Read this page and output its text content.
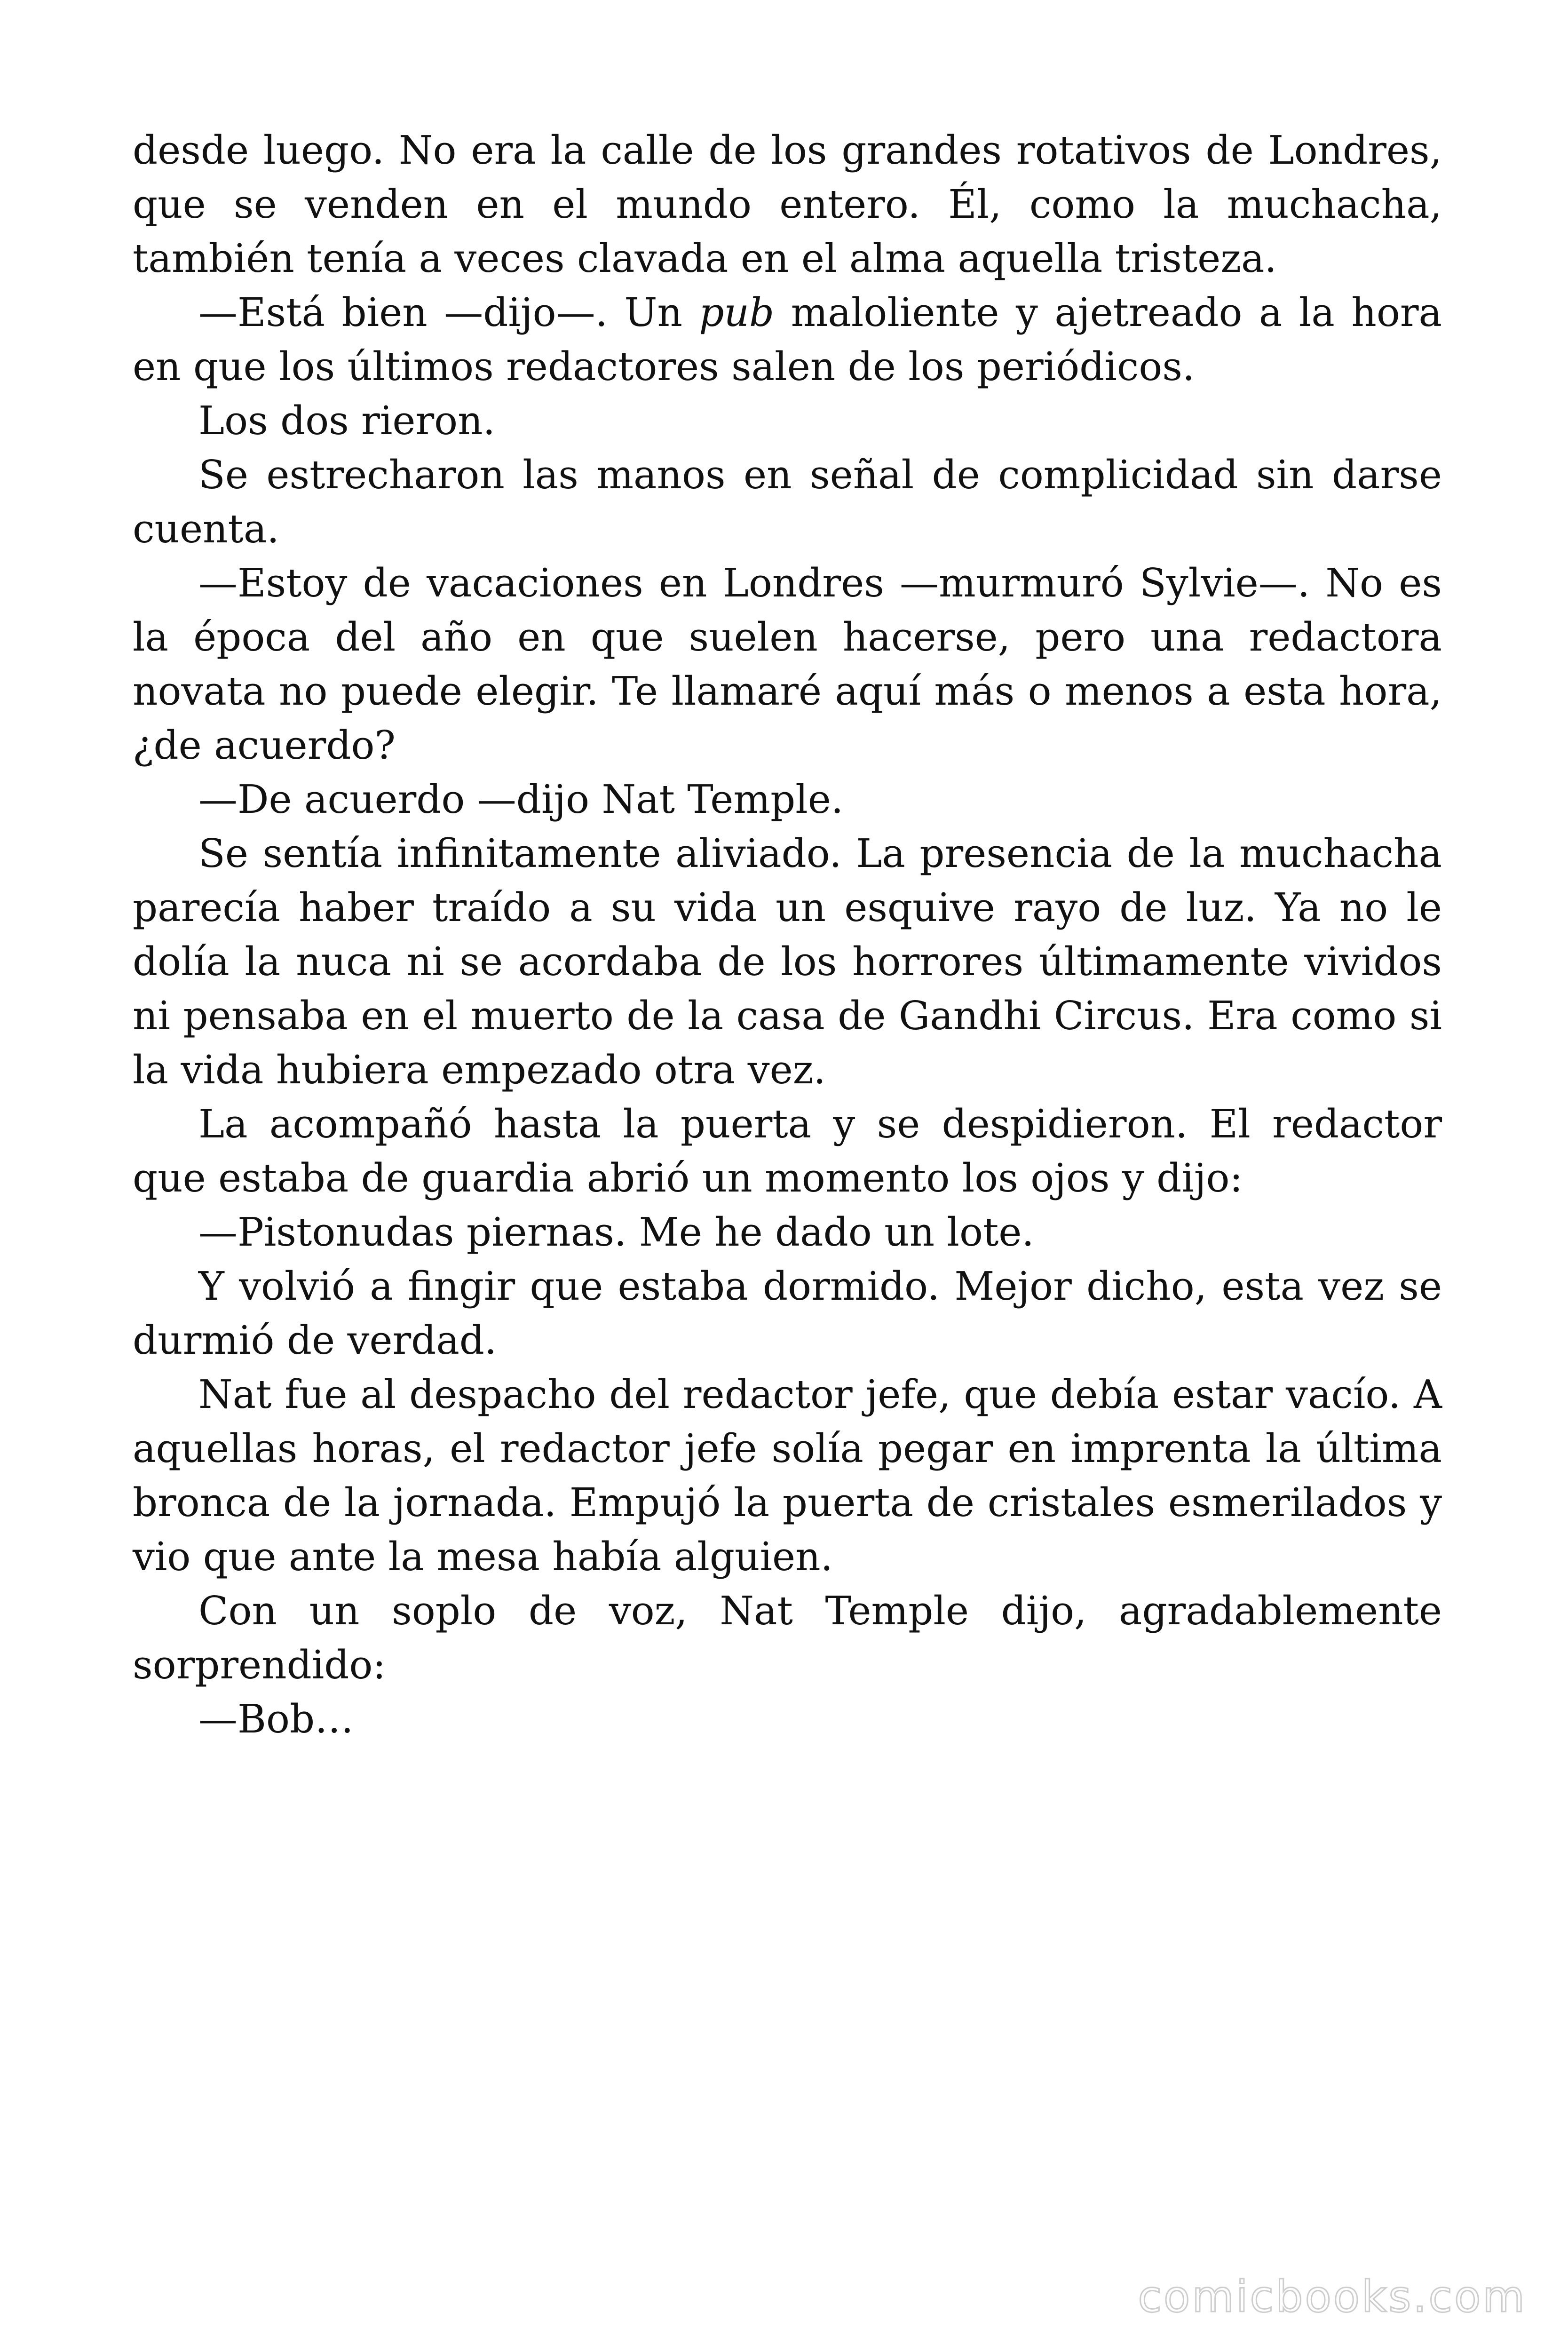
desde luego. No era la calle de los grandes rotativos de Londres, que se venden en el mundo entero. Él, como la muchacha, también tenía a veces clavada en el alma aquella tristeza.

—Está bien —dijo—. Un pub maloliente y ajetreado a la hora en que los últimos redactores salen de los periódicos.

Los dos rieron.

Se estrecharon las manos en señal de complicidad sin darse cuenta.

—Estoy de vacaciones en Londres —murmuró Sylvie—. No es la época del año en que suelen hacerse, pero una redactora novata no puede elegir. Te llamaré aquí más o menos a esta hora, ¿de acuerdo?

—De acuerdo —dijo Nat Temple.

Se sentía infinitamente aliviado. La presencia de la muchacha parecía haber traído a su vida un esquive rayo de luz. Ya no le dolía la nuca ni se acordaba de los horrores últimamente vividos ni pensaba en el muerto de la casa de Gandhi Circus. Era como si la vida hubiera empezado otra vez.

La acompañó hasta la puerta y se despidieron. El redactor que estaba de guardia abrió un momento los ojos y dijo:

—Pistonudas piernas. Me he dado un lote.

Y volvió a fingir que estaba dormido. Mejor dicho, esta vez se durmió de verdad.

Nat fue al despacho del redactor jefe, que debía estar vacío. A aquellas horas, el redactor jefe solía pegar en imprenta la última bronca de la jornada. Empujó la puerta de cristales esmerilados y vio que ante la mesa había alguien.

Con un soplo de voz, Nat Temple dijo, agradablemente sorprendido:

—Bob…

comicbooks.com
